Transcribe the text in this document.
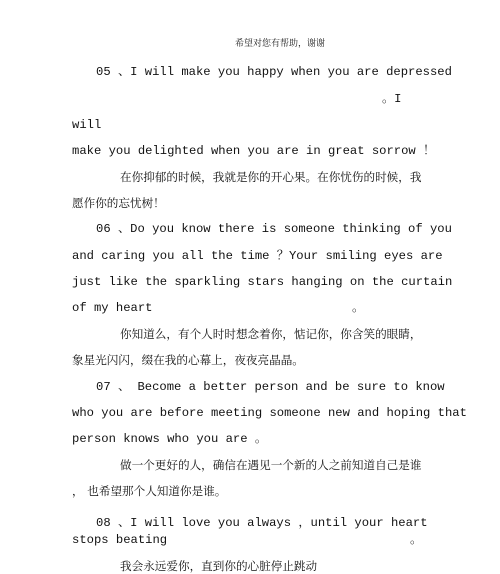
希望对您有帮助，谢谢
05 、I will make you happy when you are depressed
。I
will
make you delighted when you are in great sorrow ！
在你抑郁的时候，我就是你的开心果。在你忧伤的时候，我
愿作你的忘忧树！
06 、Do you know there is someone thinking of you
and caring you all the time ？Your smiling eyes are
just like the sparkling stars hanging on the curtain
of my heart	。
你知道么，有个人时时想念着你，惦记你，你含笑的眼睛，
象星光闪闪，缀在我的心幕上，夜夜亮晶晶。
07 、 Become a better person and be sure to know
who you are before meeting someone new and hoping that
person knows who you are 。
做一个更好的人，确信在遇见一个新的人之前知道自己是谁
， 也希望那个人知道你是谁。
08 、I will love you always ，until your heart
stops beating	。
我会永远爱你，直到你的心脏停止跳动
